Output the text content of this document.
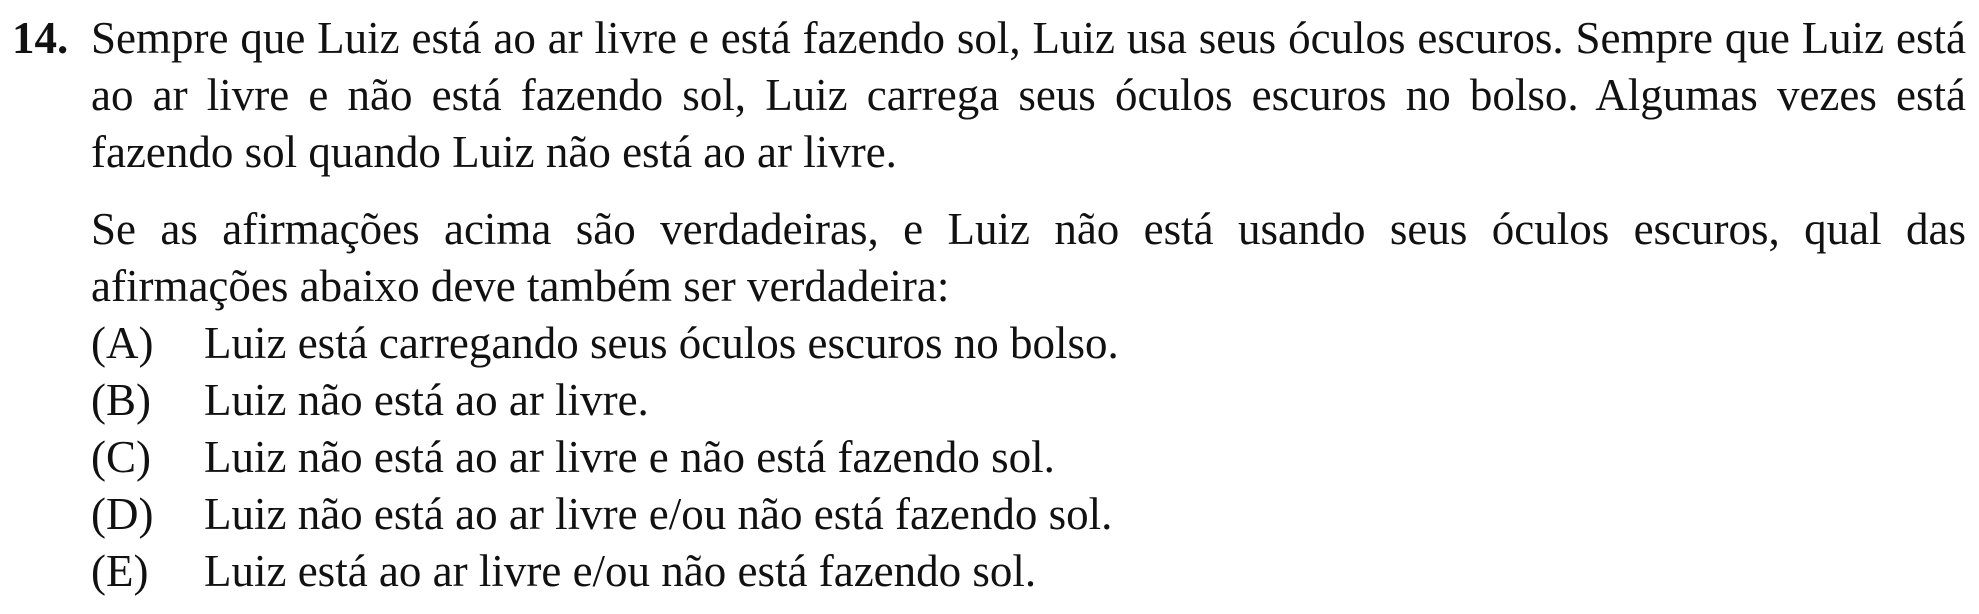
14. Sempre que Luiz está ao ar livre e está fazendo sol, Luiz usa seus óculos escuros. Sempre que Luiz está ao ar livre e não está fazendo sol, Luiz carrega seus óculos escuros no bolso. Algumas vezes está fazendo sol quando Luiz não está ao ar livre.

Se as afirmações acima são verdadeiras, e Luiz não está usando seus óculos escuros, qual das afirmações abaixo deve também ser verdadeira:

(A)	Luiz está carregando seus óculos escuros no bolso.
(B)	Luiz não está ao ar livre.
(C)	Luiz não está ao ar livre e não está fazendo sol.
(D)	Luiz não está ao ar livre e/ou não está fazendo sol.
(E)	Luiz está ao ar livre e/ou não está fazendo sol.
